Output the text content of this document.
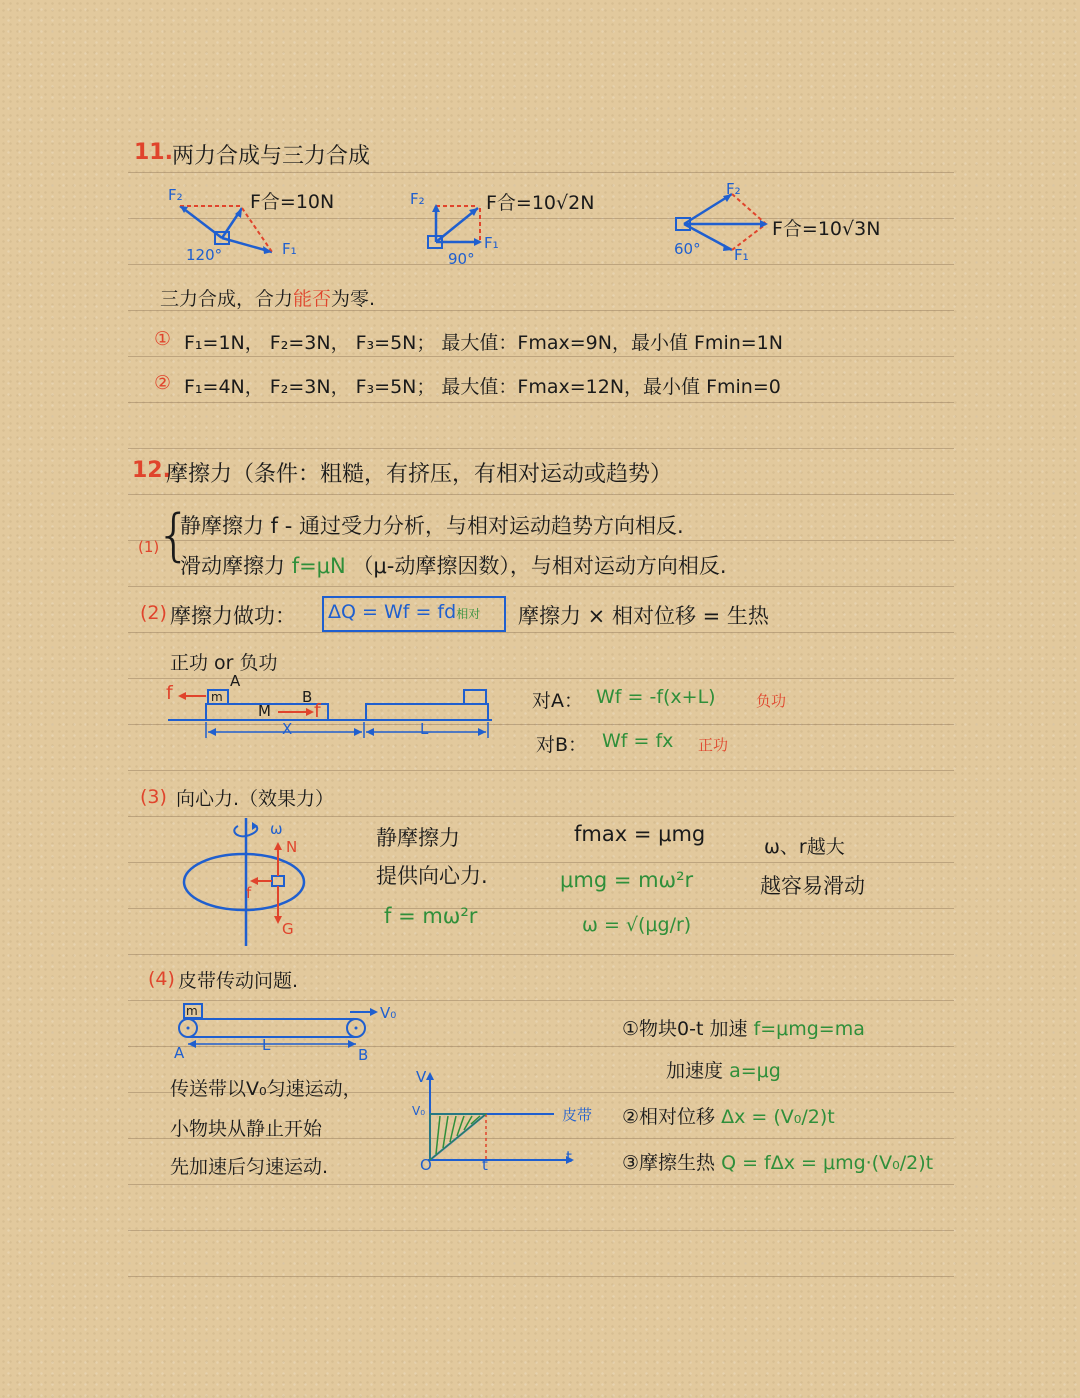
11. 两力合成与三力合成
F₂
F₁
120°
F合=10N	F₂
F₁
90°
F合=10√2N
F₂
F₁
60°
F合=10√3N
三力合成，合力能否为零.
① F₁=1N， F₂=3N， F₃=5N； 最大值：Fmax=9N，最小值 Fmin=1N
② F₁=4N， F₂=3N， F₃=5N； 最大值：Fmax=12N，最小值 Fmin=0
12.
摩擦力（条件：粗糙，有挤压，有相对运动或趋势）
(1)
{
静摩擦力 f - 通过受力分析，与相对运动趋势方向相反.
滑动摩擦力 f=μN （μ-动摩擦因数），与相对运动方向相反.
(2) 摩擦力做功： ΔQ = Wf = fd相对 摩擦力 × 相对位移 = 生热
正功 or 负功
f	m
A
B
M f
X	L
对A： Wf = -f(x+L)	负功
对B： Wf = fx 正功
(3) 向心力.（效果力）
ω
N
f
G
静摩擦力
提供向心力.
f = mω²r
fmax = μmg
μmg = mω²r
ω = √(μg/r)
ω、r越大
越容易滑动
(4) 皮带传动问题.
m	V₀
A	B
L
传送带以V₀匀速运动，
小物块从静止开始
先加速后匀速运动.
V
V₀
O	t	t
皮带
①物块0-t 加速 f=μmg=ma
加速度 a=μg
②相对位移 Δx = (V₀/2)t
③摩擦生热 Q = fΔx = μmg·(V₀/2)t
